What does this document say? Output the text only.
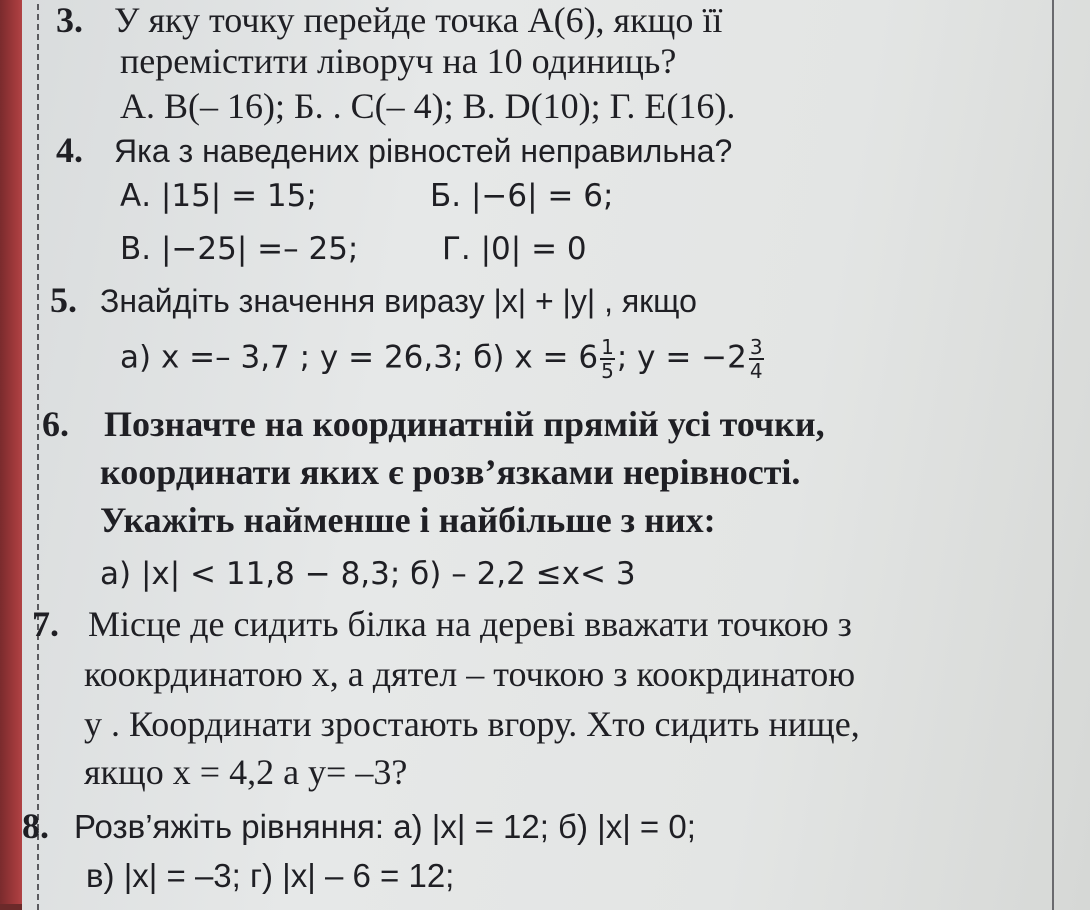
3. У яку точку перейде точка А(6), якщо її
перемістити ліворуч на 10 одиниць?
А. B(– 16); Б. . C(– 4); В. D(10); Г. E(16).
4. Яка з наведених рівностей неправильна?
А. |15| = 15;	Б. |−6| = 6;
В. |−25| =– 25;	Г. |0| = 0
5. Знайдіть значення виразу |x| + |y| , якщо
а) x =– 3,7 ; y = 26,3; б) $x = 6 \frac{1}{5}$ ; $y = -2 \frac{3}{4}$
6. Позначте на координатній прямій усі точки,
координати яких є розв’язками нерівності.
Укажіть найменше і найбільше з них:
а) |x| < 11,8 − 8,3; б) – 2,2 ≤x< 3
7. Місце де сидить білка на дереві вважати точкою з
коокрдинатою х, а дятел – точкою з коокрдинатою
у . Координати зростають вгору. Хто сидить нище,
якщо x = 4,2 а y= –3?
8. Розв’яжіть рівняння: а) |x| = 12; б) |x| = 0;
в) |x| = –3; г) |x| – 6 = 12;
